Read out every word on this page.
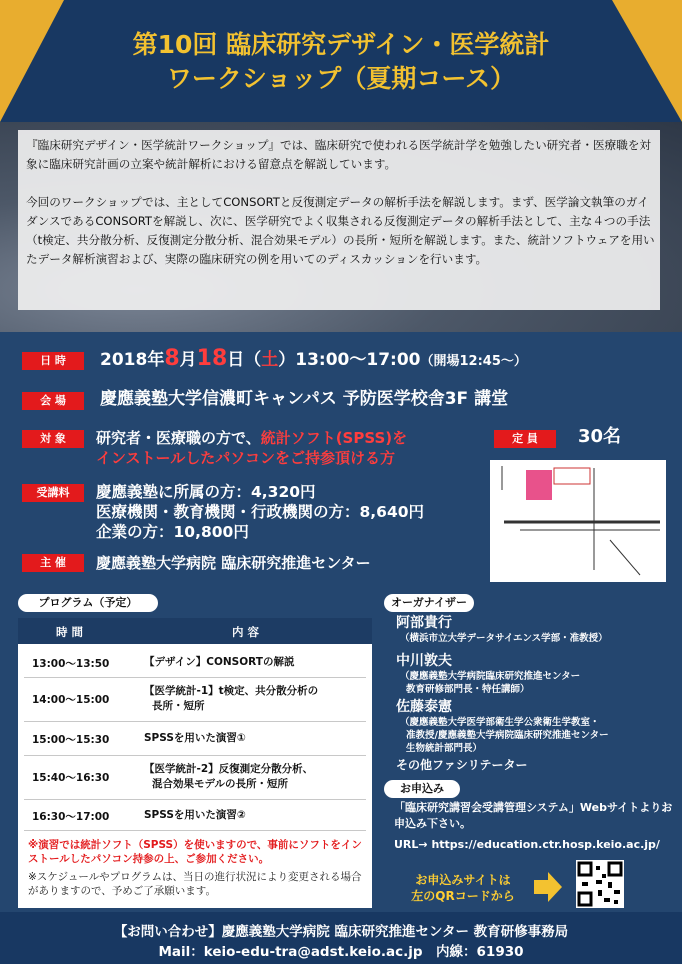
第10回 臨床研究デザイン・医学統計
ワークショップ（夏期コース）

『臨床研究デザイン・医学統計ワークショップ』では、臨床研究で使われる医学統計学を勉強したい研究者・医療職を対象に臨床研究計画の立案や統計解析における留意点を解説しています。

今回のワークショップでは、主としてCONSORTと反復測定データの解析手法を解説します。まず、医学論文執筆のガイダンスであるCONSORTを解説し、次に、医学研究でよく収集される反復測定データの解析手法として、主な４つの手法（t検定、共分散分析、反復測定分散分析、混合効果モデル）の長所・短所を解説します。また、統計ソフトウェアを用いたデータ解析演習および、実際の臨床研究の例を用いてのディスカッションを行います。

日 時	2018年8月18日（土）13:00～17:00（開場12:45～）
会 場	慶應義塾大学信濃町キャンパス 予防医学校舎3F 講堂
対 象	研究者・医療職の方で、統計ソフト(SPSS)を
インストールしたパソコンをご持参頂ける方
定 員	30名
受講料	慶應義塾に所属の方：4,320円
医療機関・教育機関・行政機関の方：8,640円
企業の方：10,800円
主 催	慶應義塾大学病院 臨床研究推進センター
プログラム（予定）
時 間	内 容
13:00～13:50	【デザイン】CONSORTの解説
14:00～15:00
【医学統計-1】t検定、共分散分析の
長所・短所
15:00～15:30	SPSSを用いた演習①
15:40～16:30
【医学統計-2】反復測定分散分析、
混合効果モデルの長所・短所
16:30～17:00	SPSSを用いた演習②
※演習では統計ソフト（SPSS）を使いますので、事前にソフトをインストールしたパソコン持参の上、ご参加ください。
※スケジュールやプログラムは、当日の進行状況により変更される場合がありますので、予めご了承願います。
オーガナイザー
阿部貴行
（横浜市立大学データサイエンス学部・准教授）
中川敦夫
（慶應義塾大学病院臨床研究推進センター
教育研修部門長・特任講師）
佐藤泰憲
（慶應義塾大学医学部衛生学公衆衛生学教室・
准教授/慶應義塾大学病院臨床研究推進センター
生物統計部門長）
その他ファシリテーター
お申込み
「臨床研究講習会受講管理システム」Webサイトよりお申込み下さい。
URL→ https://education.ctr.hosp.keio.ac.jp/
お申込みサイトは
左のQRコードから
【お問い合わせ】慶應義塾大学病院 臨床研究推進センター 教育研修事務局
Mail：keio-edu-tra@adst.keio.ac.jp　内線：61930
